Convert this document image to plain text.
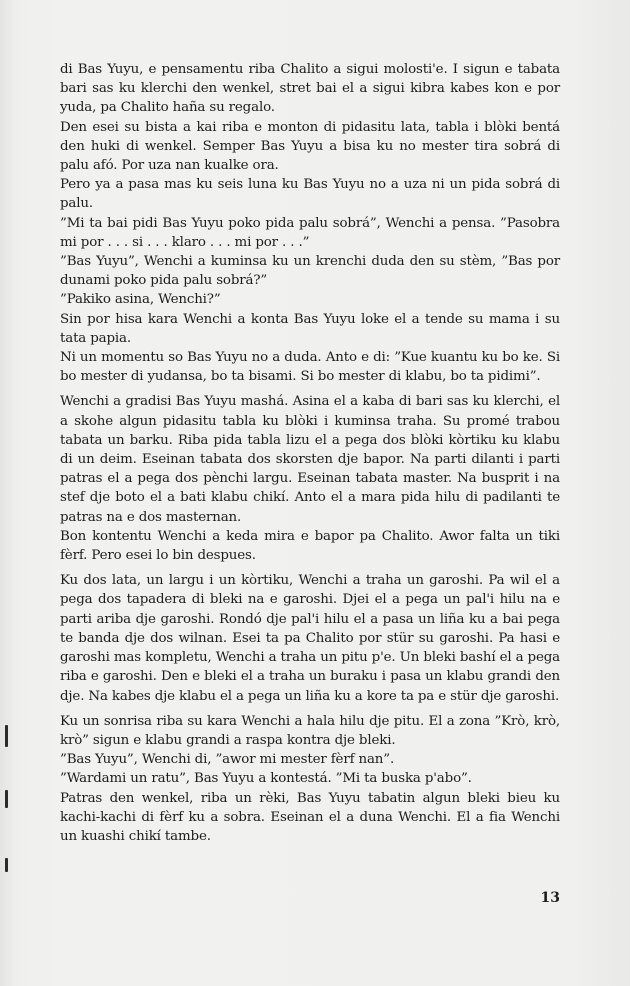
di Bas Yuyu, e pensamentu riba Chalito a sigui molosti'e. I sigun e tabata bari sas ku klerchi den wenkel, stret bai el a sigui kibra kabes kon e por yuda, pa Chalito haña su regalo.

Den esei su bista a kai riba e monton di pidasitu lata, tabla i blòki bentá den huki di wenkel. Semper Bas Yuyu a bisa ku no mester tira sobrá di palu afó. Por uza nan kualke ora.

Pero ya a pasa mas ku seis luna ku Bas Yuyu no a uza ni un pida sobrá di palu.

”Mi ta bai pidi Bas Yuyu poko pida palu sobrá”, Wenchi a pensa. ”Pasobra mi por . . . si . . . klaro . . . mi por . . .”

”Bas Yuyu”, Wenchi a kuminsa ku un krenchi duda den su stèm, ”Bas por dunami poko pida palu sobrá?”

”Pakiko asina, Wenchi?”

Sin por hisa kara Wenchi a konta Bas Yuyu loke el a tende su mama i su tata papia.

Ni un momentu so Bas Yuyu no a duda. Anto e di: ”Kue kuantu ku bo ke. Si bo mester di yudansa, bo ta bisami. Si bo mester di klabu, bo ta pidimi”.

Wenchi a gradisi Bas Yuyu mashá. Asina el a kaba di bari sas ku klerchi, el a skohe algun pidasitu tabla ku blòki i kuminsa traha. Su promé trabou tabata un barku. Riba pida tabla lizu el a pega dos blòki kòrtiku ku klabu di un deim. Eseinan tabata dos skorsten dje bapor. Na parti dilanti i parti patras el a pega dos pènchi largu. Eseinan tabata master. Na busprit i na stef dje boto el a bati klabu chikí. Anto el a mara pida hilu di padilanti te patras na e dos masternan.

Bon kontentu Wenchi a keda mira e bapor pa Chalito. Awor falta un tiki fèrf. Pero esei lo bin despues.

Ku dos lata, un largu i un kòrtiku, Wenchi a traha un garoshi. Pa wil el a pega dos tapadera di bleki na e garoshi. Djei el a pega un pal'i hilu na e parti ariba dje garoshi. Rondó dje pal'i hilu el a pasa un liña ku a bai pega te banda dje dos wilnan. Esei ta pa Chalito por stür su garoshi. Pa hasi e garoshi mas kompletu, Wenchi a traha un pitu p'e. Un bleki bashí el a pega riba e garoshi. Den e bleki el a traha un buraku i pasa un klabu grandi den dje. Na kabes dje klabu el a pega un liña ku a kore ta pa e stür dje garoshi.

Ku un sonrisa riba su kara Wenchi a hala hilu dje pitu. El a zona ”Krò, krò, krò” sigun e klabu grandi a raspa kontra dje bleki.

”Bas Yuyu”, Wenchi di, ”awor mi mester fèrf nan”.

”Wardami un ratu”, Bas Yuyu a kontestá. ”Mi ta buska p'abo”.

Patras den wenkel, riba un rèki, Bas Yuyu tabatin algun bleki bieu ku kachi-kachi di fèrf ku a sobra. Eseinan el a duna Wenchi. El a fia Wenchi un kuashi chikí tambe.

13
